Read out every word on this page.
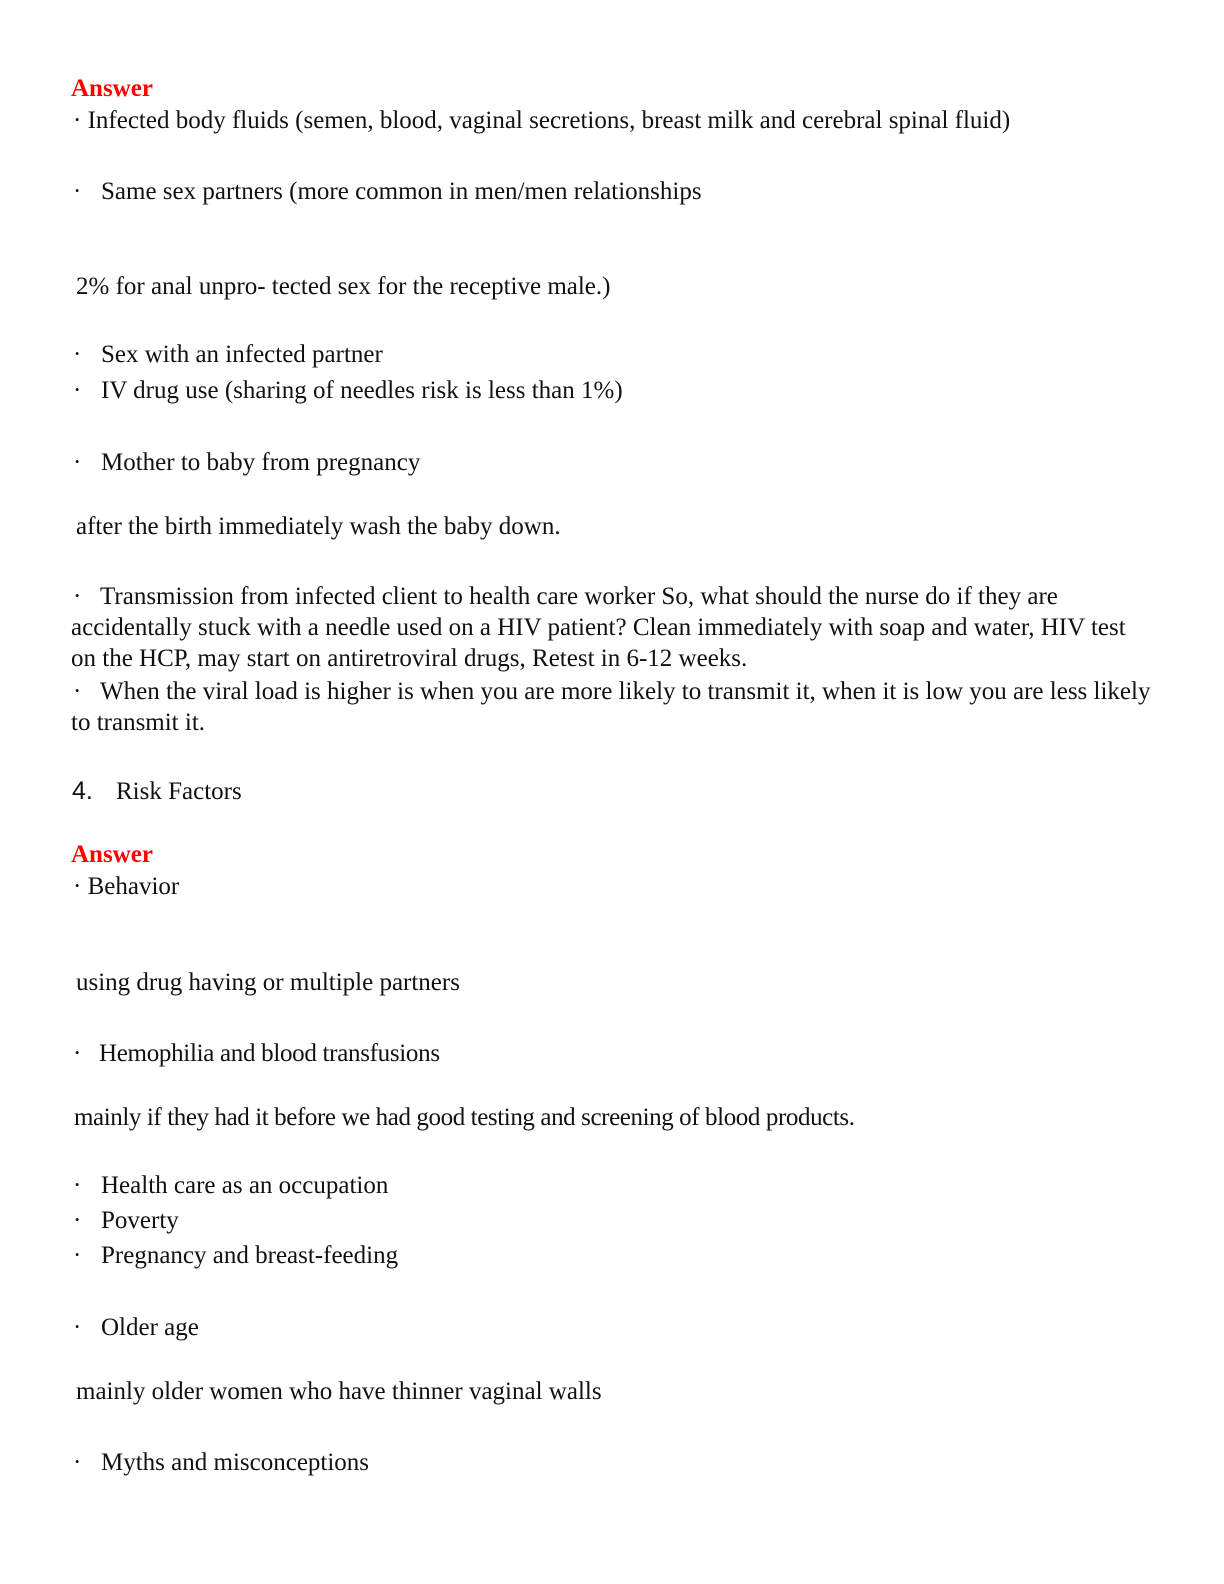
Answer
· Infected body fluids (semen, blood, vaginal secretions, breast milk and cerebral spinal fluid)
· Same sex partners (more common in men/men relationships
2% for anal unpro- tected sex for the receptive male.)
· Sex with an infected partner
· IV drug use (sharing of needles risk is less than 1%)
· Mother to baby from pregnancy
after the birth immediately wash the baby down.
· Transmission from infected client to health care worker So, what should the nurse do if they are accidentally stuck with a needle used on a HIV patient? Clean immediately with soap and water, HIV test on the HCP, may start on antiretroviral drugs, Retest in 6-12 weeks.

· When the viral load is higher is when you are more likely to transmit it, when it is low you are less likely to transmit it.

4. Risk Factors
Answer
· Behavior
using drug having or multiple partners
· Hemophilia and blood transfusions
mainly if they had it before we had good testing and screening of blood products.
· Health care as an occupation
· Poverty
· Pregnancy and breast-feeding
· Older age
mainly older women who have thinner vaginal walls
· Myths and misconceptions
